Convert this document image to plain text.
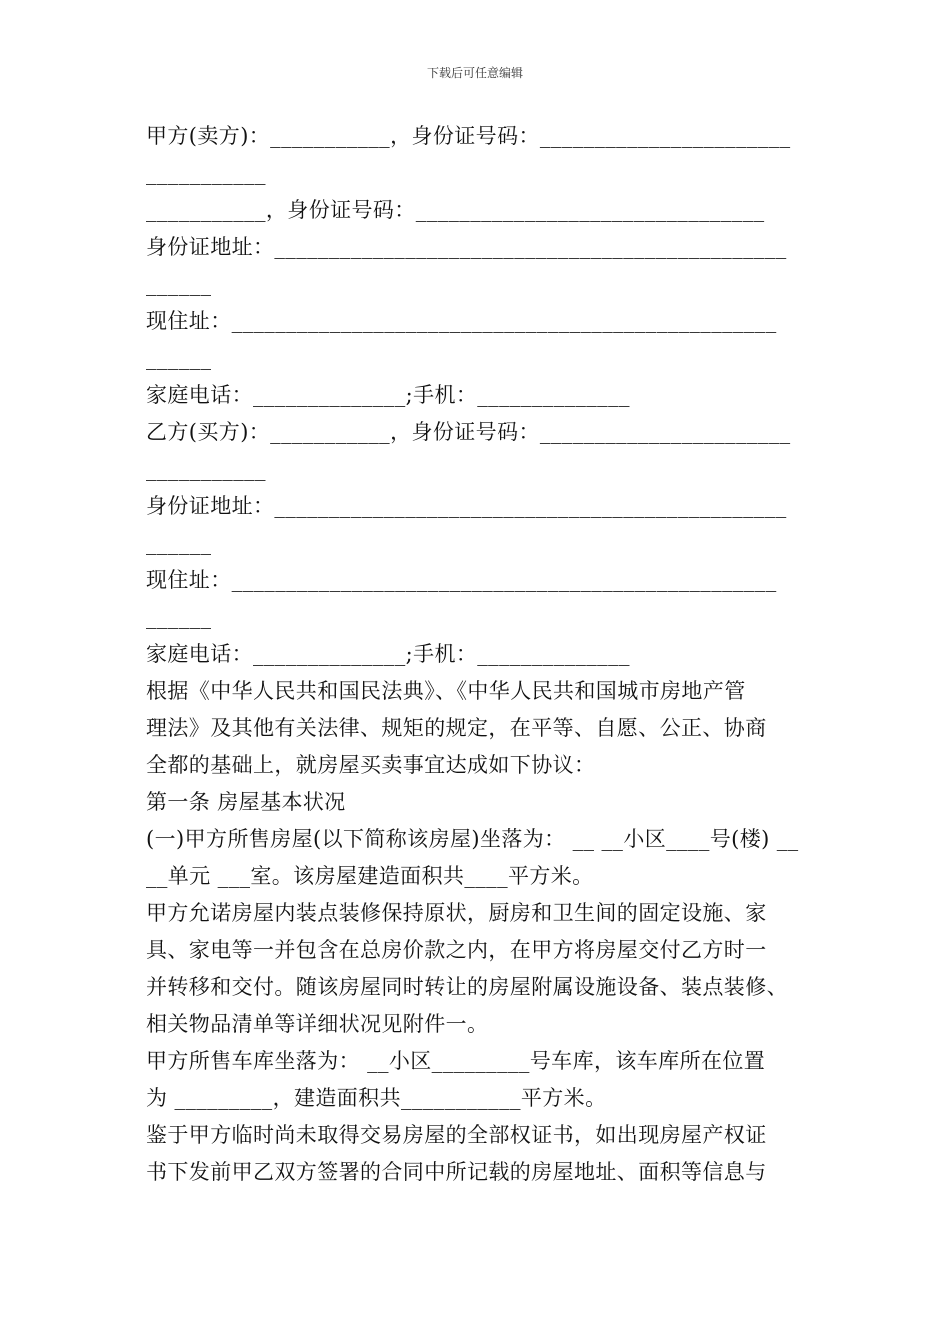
下载后可任意编辑
甲方(卖方)：___________，身份证号码：_______________________
___________
___________，身份证号码：________________________________
身份证地址：_______________________________________________
______
现住址：__________________________________________________
______
家庭电话：______________;手机：______________
乙方(买方)：___________，身份证号码：_______________________
___________
身份证地址：_______________________________________________
______
现住址：__________________________________________________
______
家庭电话：______________;手机：______________
根据《中华人民共和国民法典》、《中华人民共和国城市房地产管
理法》及其他有关法律、规矩的规定，在平等、自愿、公正、协商
全都的基础上，就房屋买卖事宜达成如下协议：
第一条 房屋基本状况
(一)甲方所售房屋(以下简称该房屋)坐落为： __ __小区____号(楼) __
__单元 ___室。该房屋建造面积共____平方米。
甲方允诺房屋内装点装修保持原状，厨房和卫生间的固定设施、家
具、家电等一并包含在总房价款之内，在甲方将房屋交付乙方时一
并转移和交付。随该房屋同时转让的房屋附属设施设备、装点装修、
相关物品清单等详细状况见附件一。
甲方所售车库坐落为： __小区_________号车库，该车库所在位置
为 _________，建造面积共___________平方米。
鉴于甲方临时尚未取得交易房屋的全部权证书，如出现房屋产权证
书下发前甲乙双方签署的合同中所记载的房屋地址、面积等信息与
